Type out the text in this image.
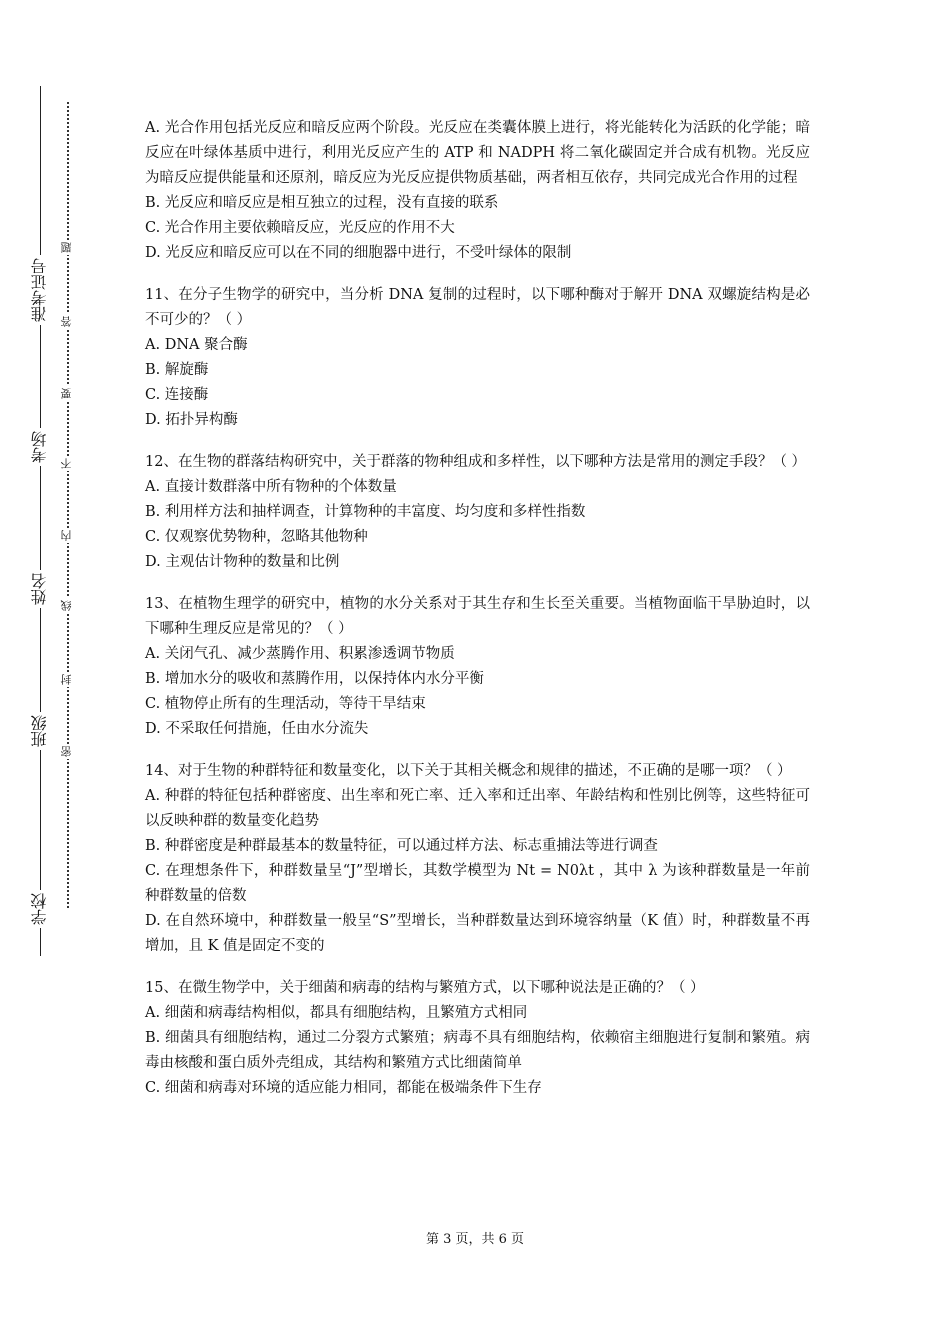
准考证号
考场
姓名
班级
学校
题
答
要
不
内
线
封
密
A. 光合作用包括光反应和暗反应两个阶段。光反应在类囊体膜上进行，将光能转化为活跃的化学能；暗反应在叶绿体基质中进行，利用光反应产生的 ATP 和 NADPH 将二氧化碳固定并合成有机物。光反应为暗反应提供能量和还原剂，暗反应为光反应提供物质基础，两者相互依存，共同完成光合作用的过程
B. 光反应和暗反应是相互独立的过程，没有直接的联系
C. 光合作用主要依赖暗反应，光反应的作用不大
D. 光反应和暗反应可以在不同的细胞器中进行，不受叶绿体的限制
11、在分子生物学的研究中，当分析 DNA 复制的过程时，以下哪种酶对于解开 DNA 双螺旋结构是必不可少的？（ ）
A. DNA 聚合酶
B. 解旋酶
C. 连接酶
D. 拓扑异构酶
12、在生物的群落结构研究中，关于群落的物种组成和多样性，以下哪种方法是常用的测定手段？（ ）
A. 直接计数群落中所有物种的个体数量
B. 利用样方法和抽样调查，计算物种的丰富度、均匀度和多样性指数
C. 仅观察优势物种，忽略其他物种
D. 主观估计物种的数量和比例
13、在植物生理学的研究中，植物的水分关系对于其生存和生长至关重要。当植物面临干旱胁迫时，以下哪种生理反应是常见的？（ ）
A. 关闭气孔、减少蒸腾作用、积累渗透调节物质
B. 增加水分的吸收和蒸腾作用，以保持体内水分平衡
C. 植物停止所有的生理活动，等待干旱结束
D. 不采取任何措施，任由水分流失
14、对于生物的种群特征和数量变化，以下关于其相关概念和规律的描述，不正确的是哪一项？（ ）
A. 种群的特征包括种群密度、出生率和死亡率、迁入率和迁出率、年龄结构和性别比例等，这些特征可以反映种群的数量变化趋势
B. 种群密度是种群最基本的数量特征，可以通过样方法、标志重捕法等进行调查
C. 在理想条件下，种群数量呈“J”型增长，其数学模型为 Nt = N0λt ，其中 λ 为该种群数量是一年前种群数量的倍数
D. 在自然环境中，种群数量一般呈“S”型增长，当种群数量达到环境容纳量（K 值）时，种群数量不再增加，且 K 值是固定不变的
15、在微生物学中，关于细菌和病毒的结构与繁殖方式，以下哪种说法是正确的？（ ）
A. 细菌和病毒结构相似，都具有细胞结构，且繁殖方式相同
B. 细菌具有细胞结构，通过二分裂方式繁殖；病毒不具有细胞结构，依赖宿主细胞进行复制和繁殖。病毒由核酸和蛋白质外壳组成，其结构和繁殖方式比细菌简单
C. 细菌和病毒对环境的适应能力相同，都能在极端条件下生存
第 3 页，共 6 页
